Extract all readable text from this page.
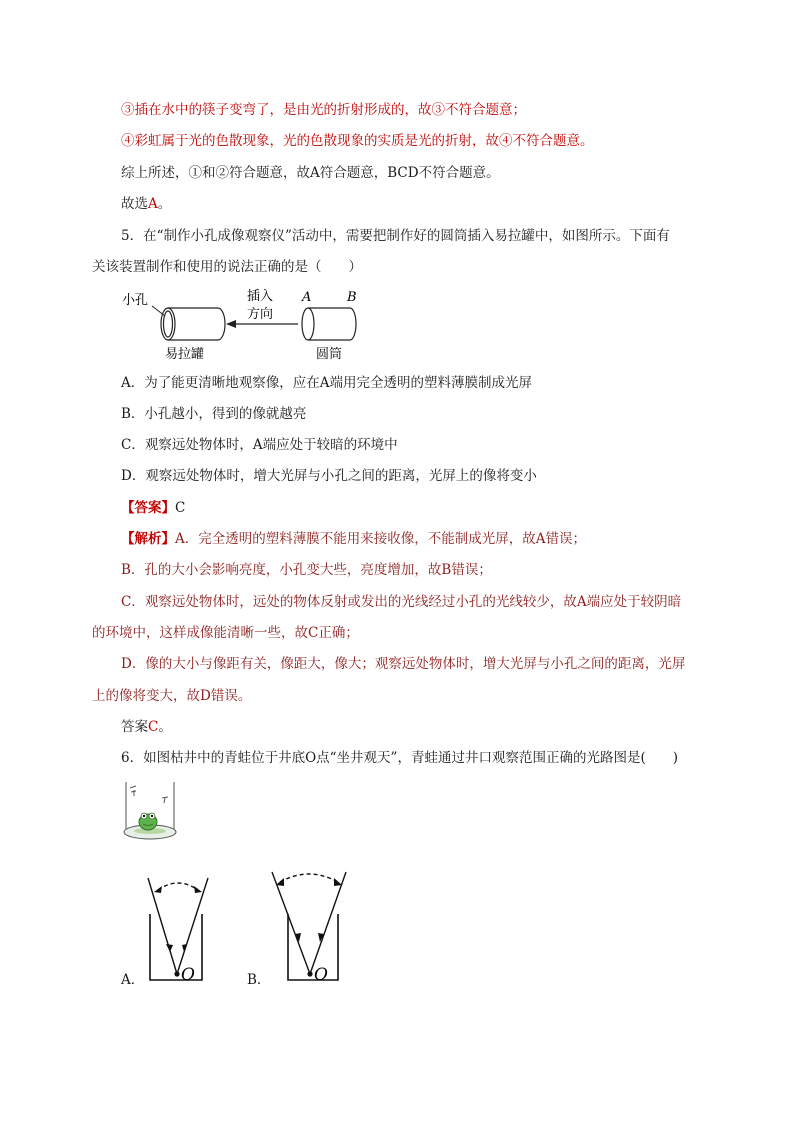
③插在水中的筷子变弯了，是由光的折射形成的，故③不符合题意；
④彩虹属于光的色散现象，光的色散现象的实质是光的折射，故④不符合题意。
综上所述，①和②符合题意，故A符合题意，BCD不符合题意。
故选A。
5．在“制作小孔成像观察仪”活动中，需要把制作好的圆筒插入易拉罐中，如图所示。下面有
关该装置制作和使用的说法正确的是（　　）
小孔	插入
方向
A	B
易拉罐	圆筒
A．为了能更清晰地观察像，应在A端用完全透明的塑料薄膜制成光屏
B．小孔越小，得到的像就越亮
C．观察远处物体时，A端应处于较暗的环境中
D．观察远处物体时，增大光屏与小孔之间的距离，光屏上的像将变小
【答案】C
【解析】A．完全透明的塑料薄膜不能用来接收像，不能制成光屏，故A错误；
B．孔的大小会影响亮度，小孔变大些，亮度增加，故B错误；
C．观察远处物体时，远处的物体反射或发出的光线经过小孔的光线较少，故A端应处于较阴暗
的环境中，这样成像能清晰一些，故C正确；
D．像的大小与像距有关，像距大，像大；观察远处物体时，增大光屏与小孔之间的距离，光屏
上的像将变大，故D错误。
答案C。
6．如图枯井中的青蛙位于井底O点“坐井观天”，青蛙通过井口观察范围正确的光路图是(　　)
O
A．	O
B．
